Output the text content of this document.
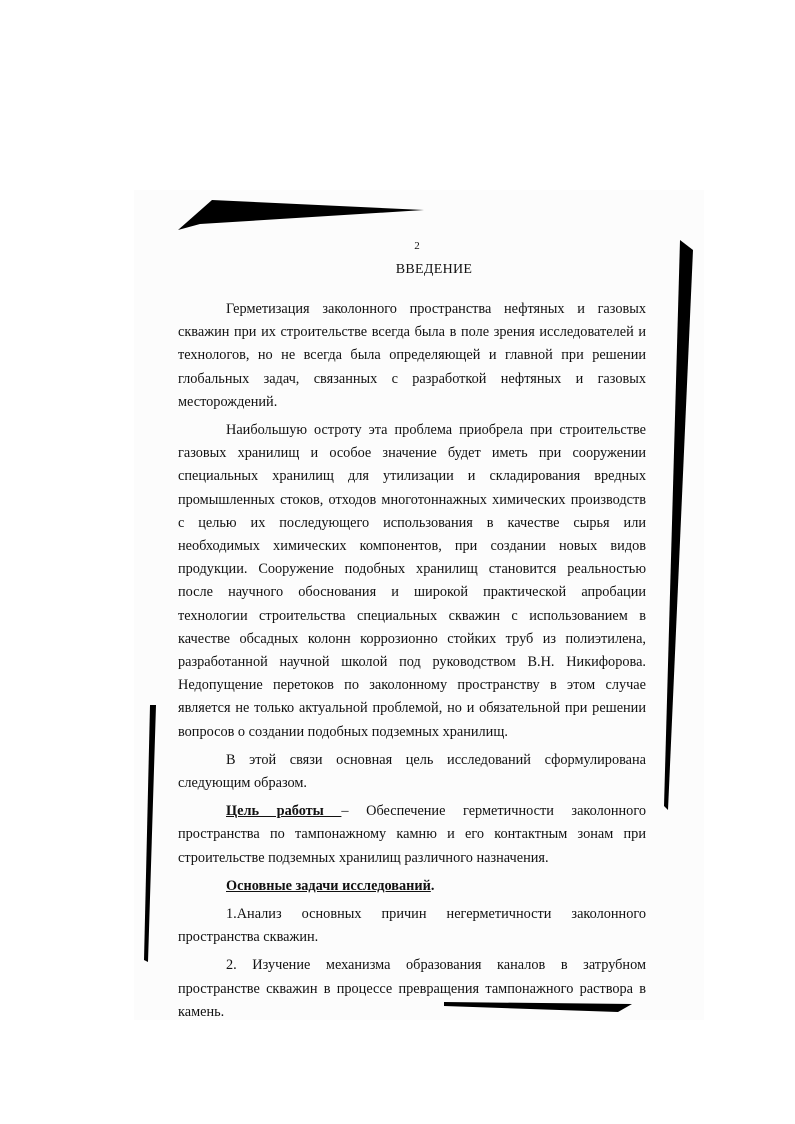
2
ВВЕДЕНИЕ

Герметизация заколонного пространства нефтяных и газовых скважин при их строительстве всегда была в поле зрения исследователей и технологов, но не всегда была определяющей и главной при решении глобальных задач, связанных с разработкой нефтяных и газовых месторождений.

Наибольшую остроту эта проблема приобрела при строительстве газовых хранилищ и особое значение будет иметь при сооружении специальных хранилищ для утилизации и складирования вредных промышленных стоков, отходов многотоннажных химических производств с целью их последующего использования в качестве сырья или необходимых химических компонентов, при создании новых видов продукции. Сооружение подобных хранилищ становится реальностью после научного обоснования и широкой практической апробации технологии строительства специальных скважин с использованием в качестве обсадных колонн коррозионно стойких труб из полиэтилена, разработанной научной школой под руководством В.Н. Никифорова. Недопущение перетоков по заколонному пространству в этом случае является не только актуальной проблемой, но и обязательной при решении вопросов о создании подобных подземных хранилищ.

В этой связи основная цель исследований сформулирована следующим образом.

Цель работы – Обеспечение герметичности заколонного пространства по тампонажному камню и его контактным зонам при строительстве подземных хранилищ различного назначения.

Основные задачи исследований.

1.Анализ основных причин негерметичности заколонного пространства скважин.

2. Изучение механизма образования каналов в затрубном пространстве скважин в процессе превращения тампонажного раствора в камень.
